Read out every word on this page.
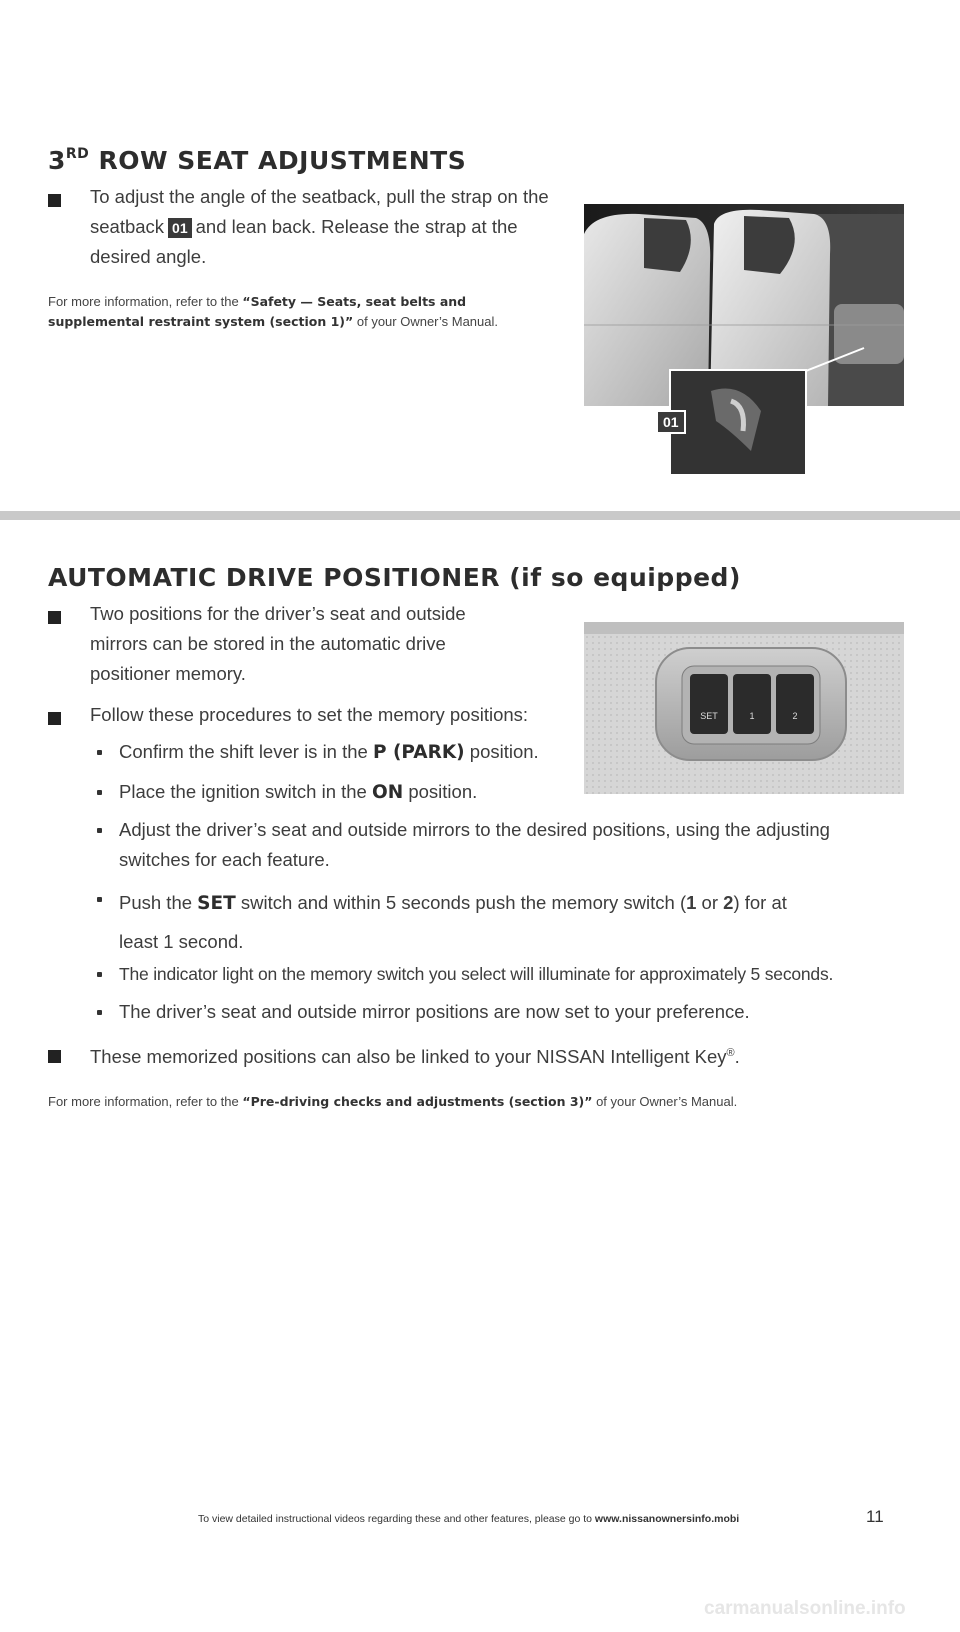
3RD ROW SEAT ADJUSTMENTS
To adjust the angle of the seatback, pull the strap on the seatback 01 and lean back. Release the strap at the desired angle.
For more information, refer to the “Safety — Seats, seat belts and supplemental restraint system (section 1)” of your Owner’s Manual.
01
AUTOMATIC DRIVE POSITIONER (if so equipped)
SET	1	2
Two positions for the driver’s seat and outside mirrors can be stored in the automatic drive positioner memory.
Follow these procedures to set the memory positions:
Confirm the shift lever is in the P (PARK) position.
Place the ignition switch in the ON position.
Adjust the driver’s seat and outside mirrors to the desired positions, using the adjusting switches for each feature.
Push the SET switch and within 5 seconds push the memory switch (1 or 2) for at least 1 second.
The indicator light on the memory switch you select will illuminate for approximately 5 seconds.
The driver’s seat and outside mirror positions are now set to your preference.
These memorized positions can also be linked to your NISSAN Intelligent Key®.
For more information, refer to the “Pre-driving checks and adjustments (section 3)” of your Owner’s Manual.
To view detailed instructional videos regarding these and other features, please go to www.nissanownersinfo.mobi	11
carmanualsonline.info
